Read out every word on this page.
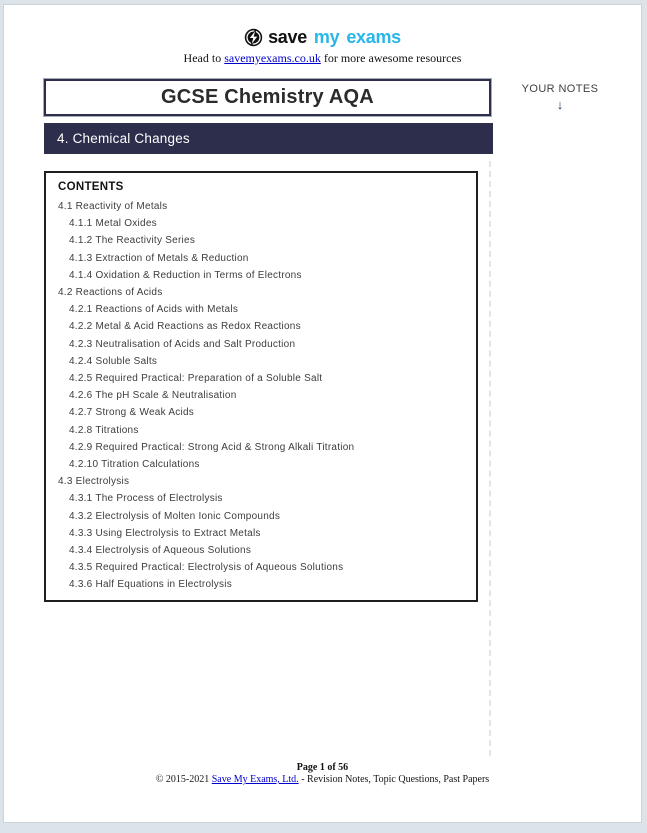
save my exams
Head to savemyexams.co.uk for more awesome resources
GCSE Chemistry AQA	YOUR NOTES
↓
4. Chemical Changes
CONTENTS
4.1 Reactivity of Metals
4.1.1 Metal Oxides
4.1.2 The Reactivity Series
4.1.3 Extraction of Metals & Reduction
4.1.4 Oxidation & Reduction in Terms of Electrons
4.2 Reactions of Acids
4.2.1 Reactions of Acids with Metals
4.2.2 Metal & Acid Reactions as Redox Reactions
4.2.3 Neutralisation of Acids and Salt Production
4.2.4 Soluble Salts
4.2.5 Required Practical: Preparation of a Soluble Salt
4.2.6 The pH Scale & Neutralisation
4.2.7 Strong & Weak Acids
4.2.8 Titrations
4.2.9 Required Practical: Strong Acid & Strong Alkali Titration
4.2.10 Titration Calculations
4.3 Electrolysis
4.3.1 The Process of Electrolysis
4.3.2 Electrolysis of Molten Ionic Compounds
4.3.3 Using Electrolysis to Extract Metals
4.3.4 Electrolysis of Aqueous Solutions
4.3.5 Required Practical: Electrolysis of Aqueous Solutions
4.3.6 Half Equations in Electrolysis
Page 1 of 56
© 2015-2021 Save My Exams, Ltd. - Revision Notes, Topic Questions, Past Papers
